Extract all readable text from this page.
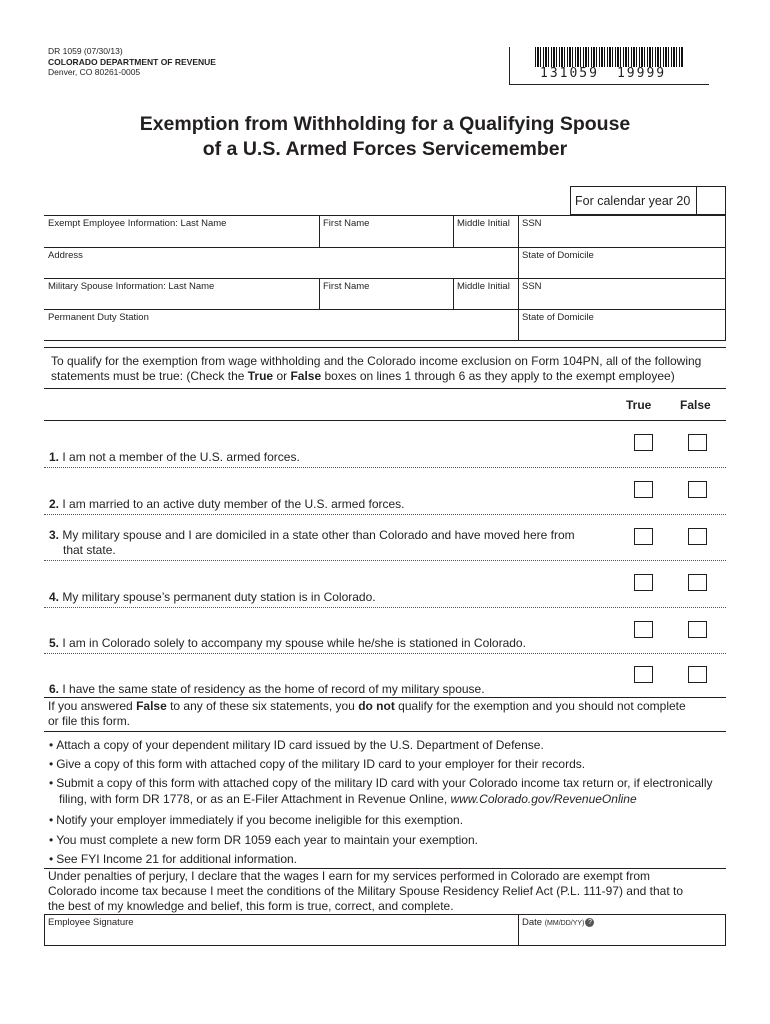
DR 1059 (07/30/13)
COLORADO DEPARTMENT OF REVENUE
Denver, CO 80261-0005	131059 19999
Exemption from Withholding for a Qualifying Spouse
of a U.S. Armed Forces Servicemember
For calendar year 20
Exempt Employee Information: Last Name	First Name	Middle Initial SSN
Address	State of Domicile
Military Spouse Information: Last Name	First Name	Middle Initial SSN
Permanent Duty Station	State of Domicile
To qualify for the exemption from wage withholding and the Colorado income exclusion on Form 104PN, all of the following
statements must be true: (Check the True or False boxes on lines 1 through 6 as they apply to the exempt employee)
True False
1. I am not a member of the U.S. armed forces.
2. I am married to an active duty member of the U.S. armed forces.
3. My military spouse and I are domiciled in a state other than Colorado and have moved here from
that state.
4. My military spouse’s permanent duty station is in Colorado.
5. I am in Colorado solely to accompany my spouse while he/she is stationed in Colorado.
6. I have the same state of residency as the home of record of my military spouse.
If you answered False to any of these six statements, you do not qualify for the exemption and you should not complete
or file this form.
• Attach a copy of your dependent military ID card issued by the U.S. Department of Defense.
• Give a copy of this form with attached copy of the military ID card to your employer for their records.
• Submit a copy of this form with attached copy of the military ID card with your Colorado income tax return or, if electronically
filing, with form DR 1778, or as an E-Filer Attachment in Revenue Online, www.Colorado.gov/RevenueOnline
• Notify your employer immediately if you become ineligible for this exemption.
• You must complete a new form DR 1059 each year to maintain your exemption.
• See FYI Income 21 for additional information.
Under penalties of perjury, I declare that the wages I earn for my services performed in Colorado are exempt from
Colorado income tax because I meet the conditions of the Military Spouse Residency Relief Act (P.L. 111-97) and that to
the best of my knowledge and belief, this form is true, correct, and complete.
Employee Signature	Date (MM/DD/YY) ?
